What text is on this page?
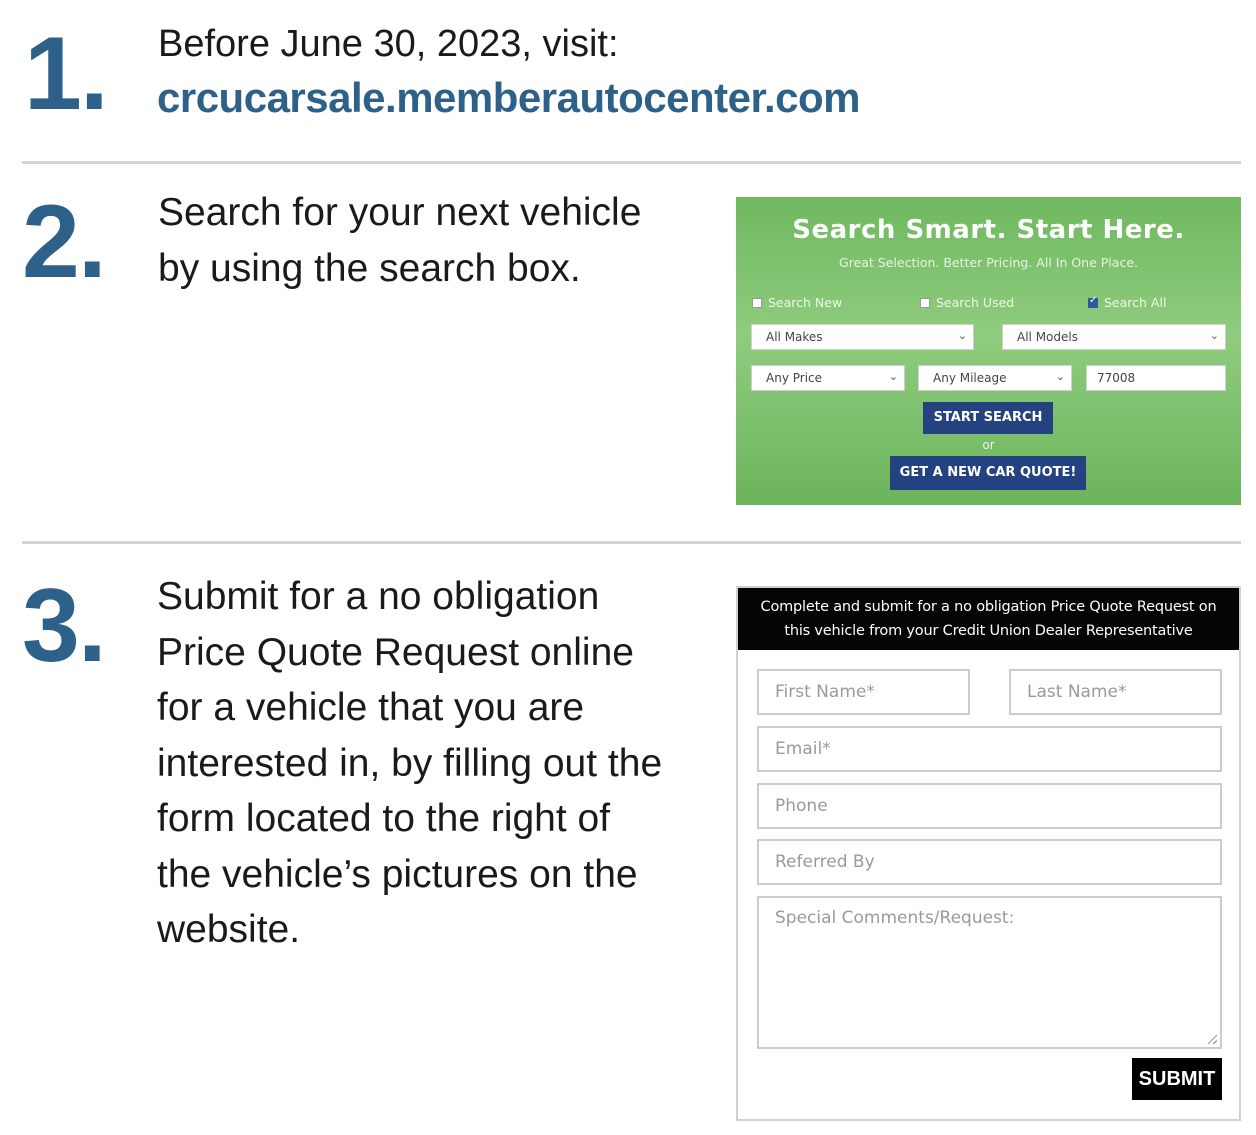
1. Before June 30, 2023, visit:
crcucarsale.memberautocenter.com
2. Search for your next vehicle
by using the search box.
Search Smart. Start Here.
Great Selection. Better Pricing. All In One Place.
Search New	Search Used
✓	Search All
All Makes	⌄	All Models	⌄
Any Price	⌄	Any Mileage	⌄	77008
START SEARCH
or
GET A NEW CAR QUOTE!
3. Submit for a no obligation
Price Quote Request online
for a vehicle that you are
interested in, by filling out the
form located to the right of
the vehicle’s pictures on the
website.
Complete and submit for a no obligation Price Quote Request on
this vehicle from your Credit Union Dealer Representative
First Name*	Last Name*
Email*
Phone
Referred By
Special Comments/Request:
SUBMIT
